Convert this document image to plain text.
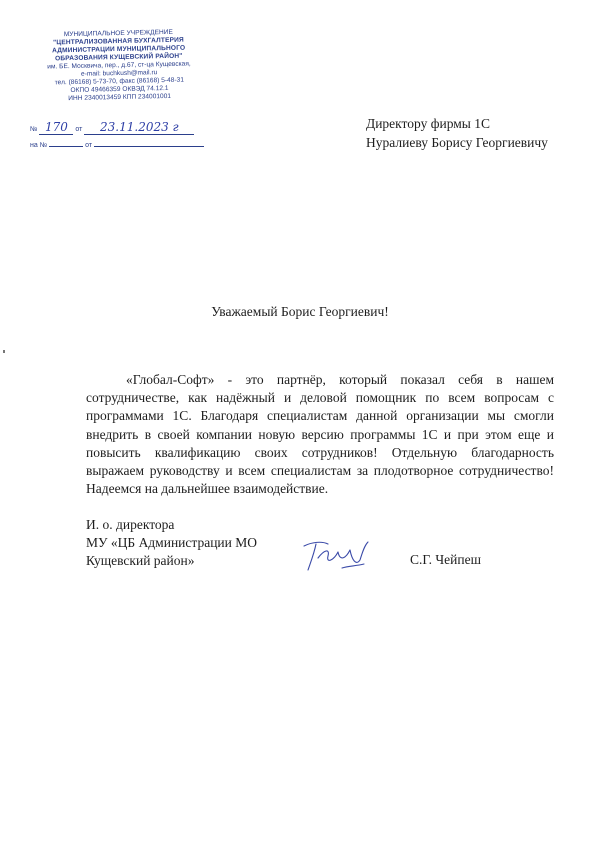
МУНИЦИПАЛЬНОЕ УЧРЕЖДЕНИЕ
"ЦЕНТРАЛИЗОВАННАЯ БУХГАЛТЕРИЯ
АДМИНИСТРАЦИИ МУНИЦИПАЛЬНОГО
ОБРАЗОВАНИЯ КУЩЕВСКИЙ РАЙОН"
им. БЕ. Москвича, пер., д.67, ст-ца Кущевская,
e-mail: buchkush@mail.ru
тел. (86168) 5-73-70, факс (86168) 5-48-31
ОКПО 49466359 ОКВЭД 74.12.1
ИНН 2340013459 КПП 234001001
№ 170 от 23.11.2023 г
на №	от
Директору фирмы 1С
Нуралиеву Борису Георгиевичу
Уважаемый Борис Георгиевич!
«Глобал-Софт» - это партнёр, который показал себя в нашем сотрудничестве, как надёжный и деловой помощник по всем вопросам с программами 1С. Благодаря специалистам данной организации мы смогли внедрить в своей компании новую версию программы 1С и при этом еще и повысить квалификацию своих сотрудников! Отдельную благодарность выражаем руководству и всем специалистам за плодотворное сотрудничество! Надеемся на дальнейшее взаимодействие.
И. о. директора
МУ «ЦБ Администрации МО
Кущевский район»	С.Г. Чейпеш
